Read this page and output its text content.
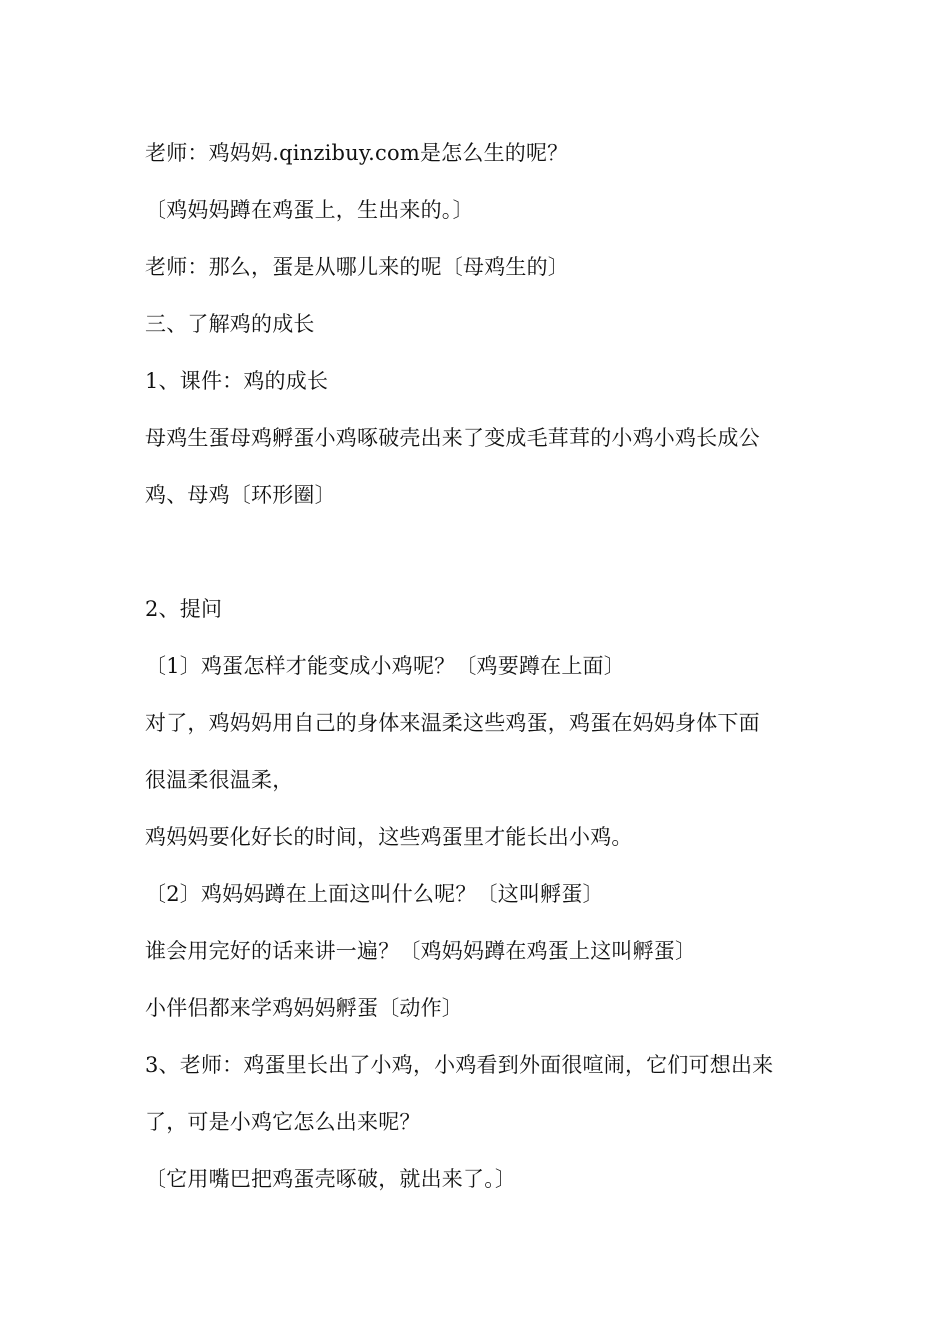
老师：鸡妈妈.qinzibuy.com是怎么生的呢？
〔鸡妈妈蹲在鸡蛋上，生出来的。〕
老师：那么，蛋是从哪儿来的呢〔母鸡生的〕
三、了解鸡的成长
1、课件：鸡的成长
母鸡生蛋母鸡孵蛋小鸡啄破壳出来了变成毛茸茸的小鸡小鸡长成公
鸡、母鸡〔环形圈〕
2、提问
〔1〕鸡蛋怎样才能变成小鸡呢？〔鸡要蹲在上面〕
对了，鸡妈妈用自己的身体来温柔这些鸡蛋，鸡蛋在妈妈身体下面
很温柔很温柔，
鸡妈妈要化好长的时间，这些鸡蛋里才能长出小鸡。
〔2〕鸡妈妈蹲在上面这叫什么呢？〔这叫孵蛋〕
谁会用完好的话来讲一遍？〔鸡妈妈蹲在鸡蛋上这叫孵蛋〕
小伴侣都来学鸡妈妈孵蛋〔动作〕
3、老师：鸡蛋里长出了小鸡，小鸡看到外面很喧闹，它们可想出来
了，可是小鸡它怎么出来呢？
〔它用嘴巴把鸡蛋壳啄破，就出来了。〕
